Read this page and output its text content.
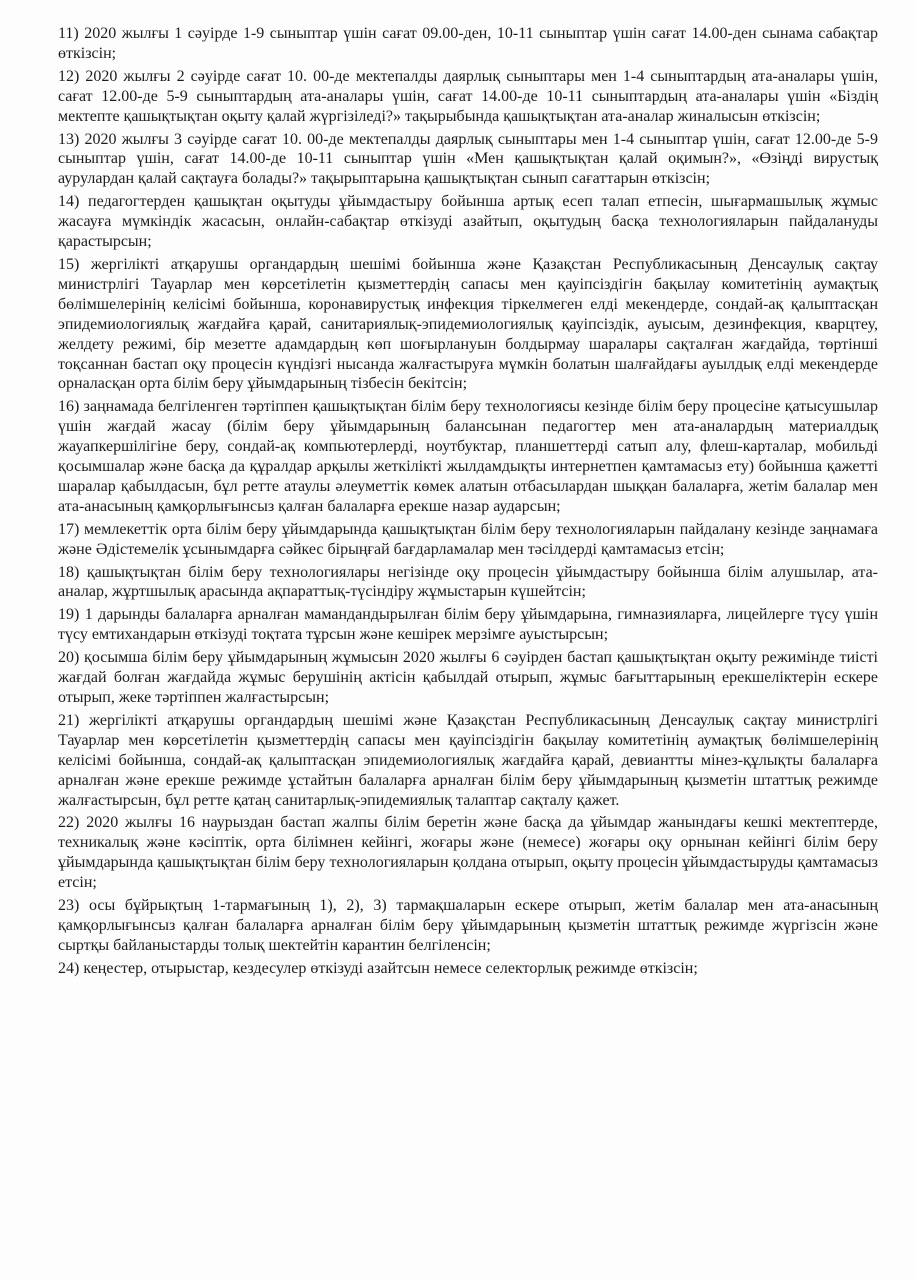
11) 2020 жылғы 1 сәуірде 1-9 сыныптар үшін сағат 09.00-ден, 10-11 сыныптар үшін сағат 14.00-ден сынама сабақтар өткізсін;

12) 2020 жылғы 2 сәуірде сағат 10. 00-де мектепалды даярлық сыныптары мен 1-4 сыныптардың ата-аналары үшін, сағат 12.00-де 5-9 сыныптардың ата-аналары үшін, сағат 14.00-де 10-11 сыныптардың ата-аналары үшін «Біздің мектепте қашықтықтан оқыту қалай жүргізіледі?» тақырыбында қашықтықтан ата-аналар жиналысын өткізсін;

13) 2020 жылғы 3 сәуірде сағат 10. 00-де мектепалды даярлық сыныптары мен 1-4 сыныптар үшін, сағат 12.00-де 5-9 сыныптар үшін, сағат 14.00-де 10-11 сыныптар үшін «Мен қашықтықтан қалай оқимын?», «Өзіңді вирустық аурулардан қалай сақтауға болады?» тақырыптарына қашықтықтан сынып сағаттарын өткізсін;

14) педагогтерден қашықтан оқытуды ұйымдастыру бойынша артық есеп талап етпесін, шығармашылық жұмыс жасауға мүмкіндік жасасын, онлайн-сабақтар өткізуді азайтып, оқытудың басқа технологияларын пайдалануды қарастырсын;

15) жергілікті атқарушы органдардың шешімі бойынша және Қазақстан Республикасының Денсаулық сақтау министрлігі Тауарлар мен көрсетілетін қызметтердің сапасы мен қауіпсіздігін бақылау комитетінің аумақтық бөлімшелерінің келісімі бойынша, коронавирустық инфекция тіркелмеген елді мекендерде, сондай-ақ қалыптасқан эпидемиологиялық жағдайға қарай, санитариялық-эпидемиологиялық қауіпсіздік, ауысым, дезинфекция, кварцтеу, желдету режимі, бір мезетте адамдардың көп шоғырлануын болдырмау шаралары сақталған жағдайда, төртінші тоқсаннан бастап оқу процесін күндізгі нысанда жалғастыруға мүмкін болатын шалғайдағы ауылдық елді мекендерде орналасқан орта білім беру ұйымдарының тізбесін бекітсін;

16) заңнамада белгіленген тәртіппен қашықтықтан білім беру технологиясы кезінде білім беру процесіне қатысушылар үшін жағдай жасау (білім беру ұйымдарының балансынан педагогтер мен ата-аналардың материалдық жауапкершілігіне беру, сондай-ақ компьютерлерді, ноутбуктар, планшеттерді сатып алу, флеш-карталар, мобильді қосымшалар және басқа да құралдар арқылы жеткілікті жылдамдықты интернетпен қамтамасыз ету) бойынша қажетті шаралар қабылдасын, бұл ретте атаулы әлеуметтік көмек алатын отбасылардан шыққан балаларға, жетім балалар мен ата-анасының қамқорлығынсыз қалған балаларға ерекше назар аударсын;

17) мемлекеттік орта білім беру ұйымдарында қашықтықтан білім беру технологияларын пайдалану кезінде заңнамаға және Әдістемелік ұсынымдарға сәйкес бірыңғай бағдарламалар мен тәсілдерді қамтамасыз етсін;

18) қашықтықтан білім беру технологиялары негізінде оқу процесін ұйымдастыру бойынша білім алушылар, ата-аналар, жұртшылық арасында ақпараттық-түсіндіру жұмыстарын күшейтсін;

19) 1 дарынды балаларға арналған мамандандырылған білім беру ұйымдарына, гимназияларға, лицейлерге түсу үшін түсу емтихандарын өткізуді тоқтата тұрсын және кешірек мерзімге ауыстырсын;

20) қосымша білім беру ұйымдарының жұмысын 2020 жылғы 6 сәуірден бастап қашықтықтан оқыту режимінде тиісті жағдай болған жағдайда жұмыс берушінің актісін қабылдай отырып, жұмыс бағыттарының ерекшеліктерін ескере отырып, жеке тәртіппен жалғастырсын;

21) жергілікті атқарушы органдардың шешімі және Қазақстан Республикасының Денсаулық сақтау министрлігі Тауарлар мен көрсетілетін қызметтердің сапасы мен қауіпсіздігін бақылау комитетінің аумақтық бөлімшелерінің келісімі бойынша, сондай-ақ қалыптасқан эпидемиологиялық жағдайға қарай, девиантты мінез-құлықты балаларға арналған және ерекше режимде ұстайтын балаларға арналған білім беру ұйымдарының қызметін штаттық режимде жалғастырсын, бұл ретте қатаң санитарлық-эпидемиялық талаптар сақталу қажет.

22) 2020 жылғы 16 наурыздан бастап жалпы білім беретін және басқа да ұйымдар жанындағы кешкі мектептерде, техникалық және кәсіптік, орта білімнен кейінгі, жоғары және (немесе) жоғары оқу орнынан кейінгі білім беру ұйымдарында қашықтықтан білім беру технологияларын қолдана отырып, оқыту процесін ұйымдастыруды қамтамасыз етсін;

23) осы бұйрықтың 1-тармағының 1), 2), 3) тармақшаларын ескере отырып, жетім балалар мен ата-анасының қамқорлығынсыз қалған балаларға арналған білім беру ұйымдарының қызметін штаттық режимде жүргізсін және сыртқы байланыстарды толық шектейтін карантин белгіленсін;

24) кеңестер, отырыстар, кездесулер өткізуді азайтсын немесе селекторлық режимде өткізсін;
